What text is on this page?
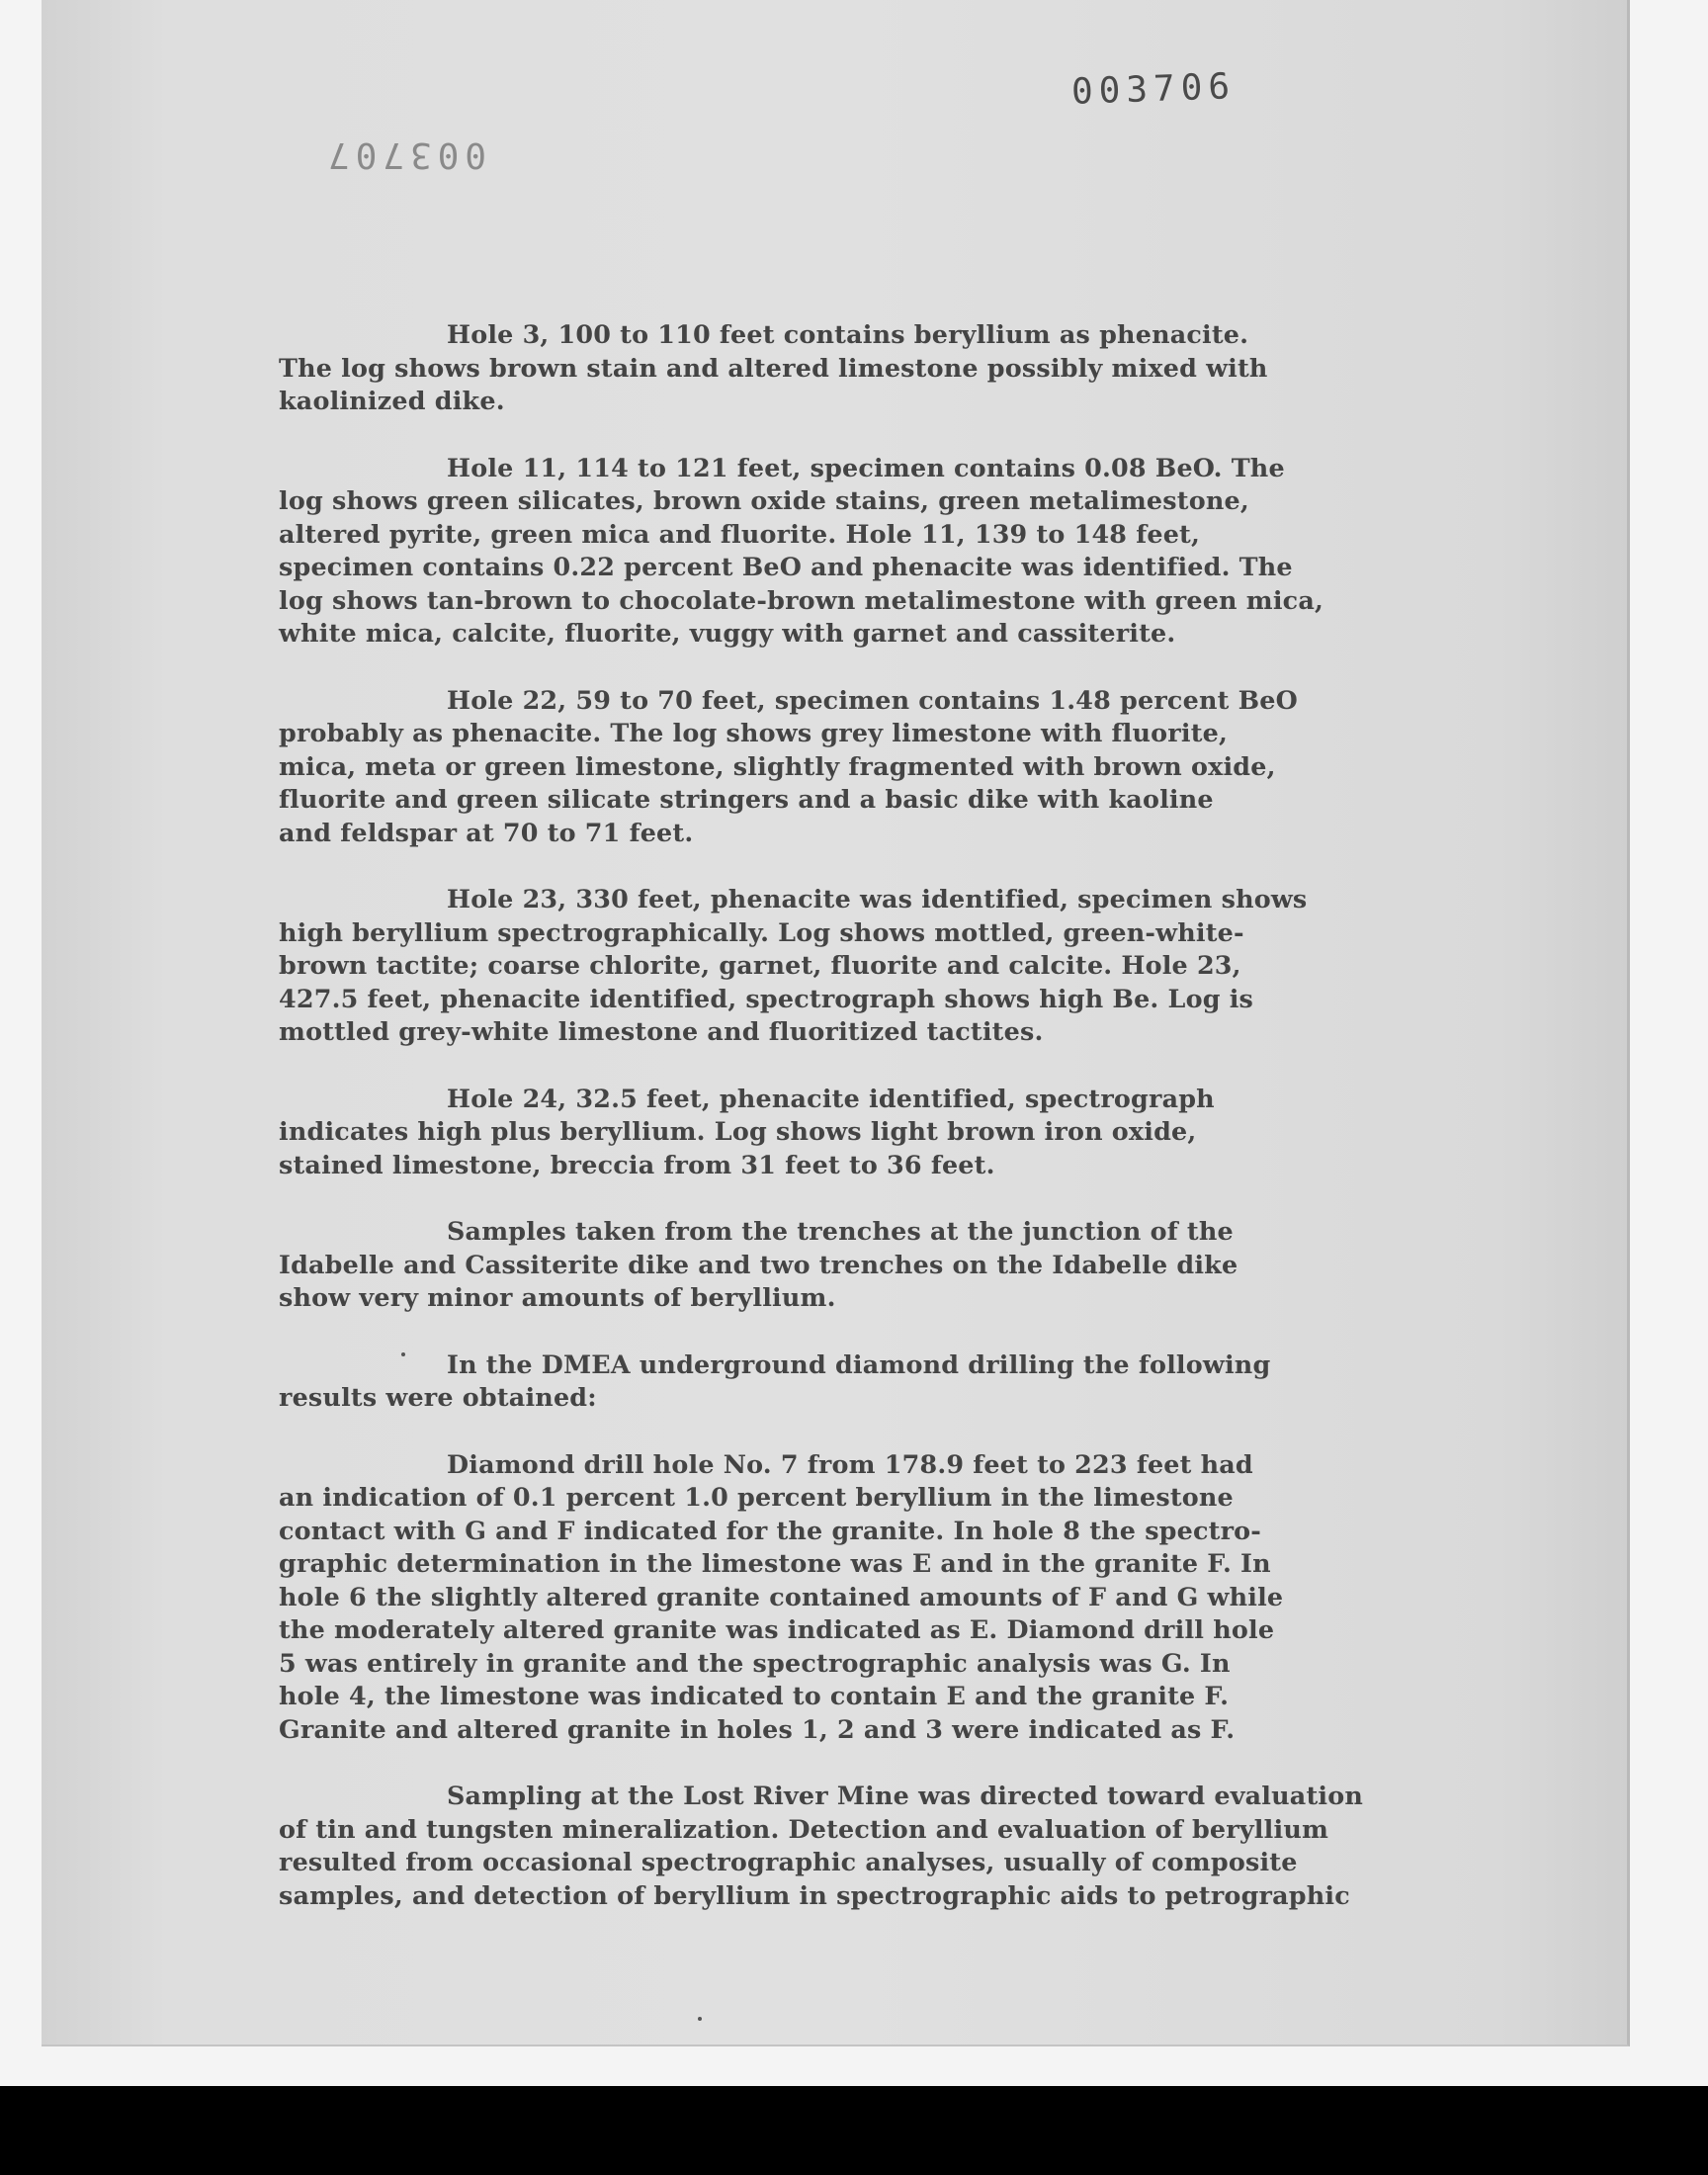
003706
003707
Hole 3, 100 to 110 feet contains beryllium as phenacite.
The log shows brown stain and altered limestone possibly mixed with
kaolinized dike.
Hole 11, 114 to 121 feet, specimen contains 0.08 BeO. The
log shows green silicates, brown oxide stains, green metalimestone,
altered pyrite, green mica and fluorite. Hole 11, 139 to 148 feet,
specimen contains 0.22 percent BeO and phenacite was identified. The
log shows tan-brown to chocolate-brown metalimestone with green mica,
white mica, calcite, fluorite, vuggy with garnet and cassiterite.
Hole 22, 59 to 70 feet, specimen contains 1.48 percent BeO
probably as phenacite. The log shows grey limestone with fluorite,
mica, meta or green limestone, slightly fragmented with brown oxide,
fluorite and green silicate stringers and a basic dike with kaoline
and feldspar at 70 to 71 feet.
Hole 23, 330 feet, phenacite was identified, specimen shows
high beryllium spectrographically. Log shows mottled, green-white-
brown tactite; coarse chlorite, garnet, fluorite and calcite. Hole 23,
427.5 feet, phenacite identified, spectrograph shows high Be. Log is
mottled grey-white limestone and fluoritized tactites.
Hole 24, 32.5 feet, phenacite identified, spectrograph
indicates high plus beryllium. Log shows light brown iron oxide,
stained limestone, breccia from 31 feet to 36 feet.
Samples taken from the trenches at the junction of the
Idabelle and Cassiterite dike and two trenches on the Idabelle dike
show very minor amounts of beryllium.
In the DMEA underground diamond drilling the following
results were obtained:
Diamond drill hole No. 7 from 178.9 feet to 223 feet had
an indication of 0.1 percent 1.0 percent beryllium in the limestone
contact with G and F indicated for the granite. In hole 8 the spectro-
graphic determination in the limestone was E and in the granite F. In
hole 6 the slightly altered granite contained amounts of F and G while
the moderately altered granite was indicated as E. Diamond drill hole
5 was entirely in granite and the spectrographic analysis was G. In
hole 4, the limestone was indicated to contain E and the granite F.
Granite and altered granite in holes 1, 2 and 3 were indicated as F.
Sampling at the Lost River Mine was directed toward evaluation
of tin and tungsten mineralization. Detection and evaluation of beryllium
resulted from occasional spectrographic analyses, usually of composite
samples, and detection of beryllium in spectrographic aids to petrographic
